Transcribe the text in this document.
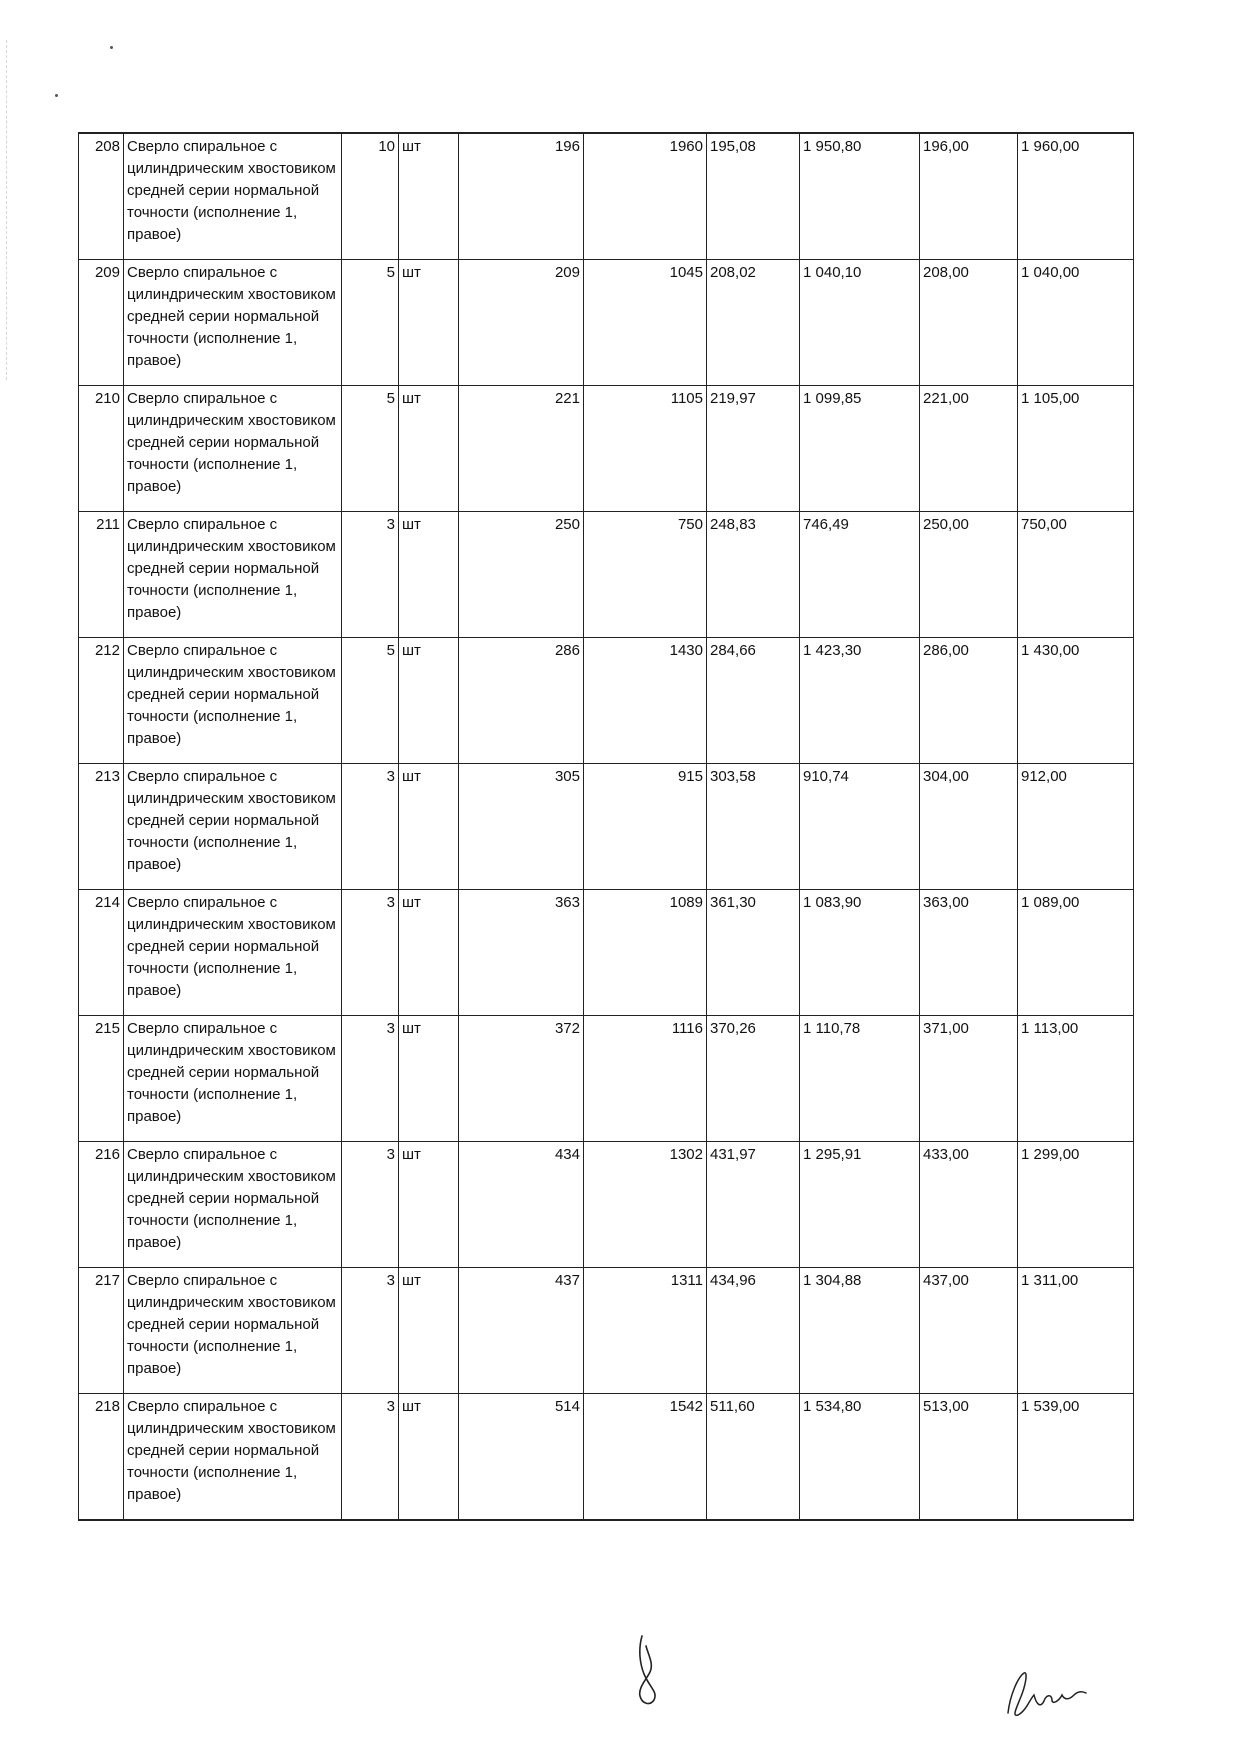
208	Сверло спиральное с цилиндрическим хвостовиком средней серии нормальной точности (исполнение 1, правое)	10	шт	196	1960	195,08	1 950,80	196,00	1 960,00
209	Сверло спиральное с цилиндрическим хвостовиком средней серии нормальной точности (исполнение 1, правое)	5	шт	209	1045	208,02	1 040,10	208,00	1 040,00
210	Сверло спиральное с цилиндрическим хвостовиком средней серии нормальной точности (исполнение 1, правое)	5	шт	221	1105	219,97	1 099,85	221,00	1 105,00
211	Сверло спиральное с цилиндрическим хвостовиком средней серии нормальной точности (исполнение 1, правое)	3	шт	250	750	248,83	746,49	250,00	750,00
212	Сверло спиральное с цилиндрическим хвостовиком средней серии нормальной точности (исполнение 1, правое)	5	шт	286	1430	284,66	1 423,30	286,00	1 430,00
213	Сверло спиральное с цилиндрическим хвостовиком средней серии нормальной точности (исполнение 1, правое)	3	шт	305	915	303,58	910,74	304,00	912,00
214	Сверло спиральное с цилиндрическим хвостовиком средней серии нормальной точности (исполнение 1, правое)	3	шт	363	1089	361,30	1 083,90	363,00	1 089,00
215	Сверло спиральное с цилиндрическим хвостовиком средней серии нормальной точности (исполнение 1, правое)	3	шт	372	1116	370,26	1 110,78	371,00	1 113,00
216	Сверло спиральное с цилиндрическим хвостовиком средней серии нормальной точности (исполнение 1, правое)	3	шт	434	1302	431,97	1 295,91	433,00	1 299,00
217	Сверло спиральное с цилиндрическим хвостовиком средней серии нормальной точности (исполнение 1, правое)	3	шт	437	1311	434,96	1 304,88	437,00	1 311,00
218	Сверло спиральное с цилиндрическим хвостовиком средней серии нормальной точности (исполнение 1, правое)	3	шт	514	1542	511,60	1 534,80	513,00	1 539,00
